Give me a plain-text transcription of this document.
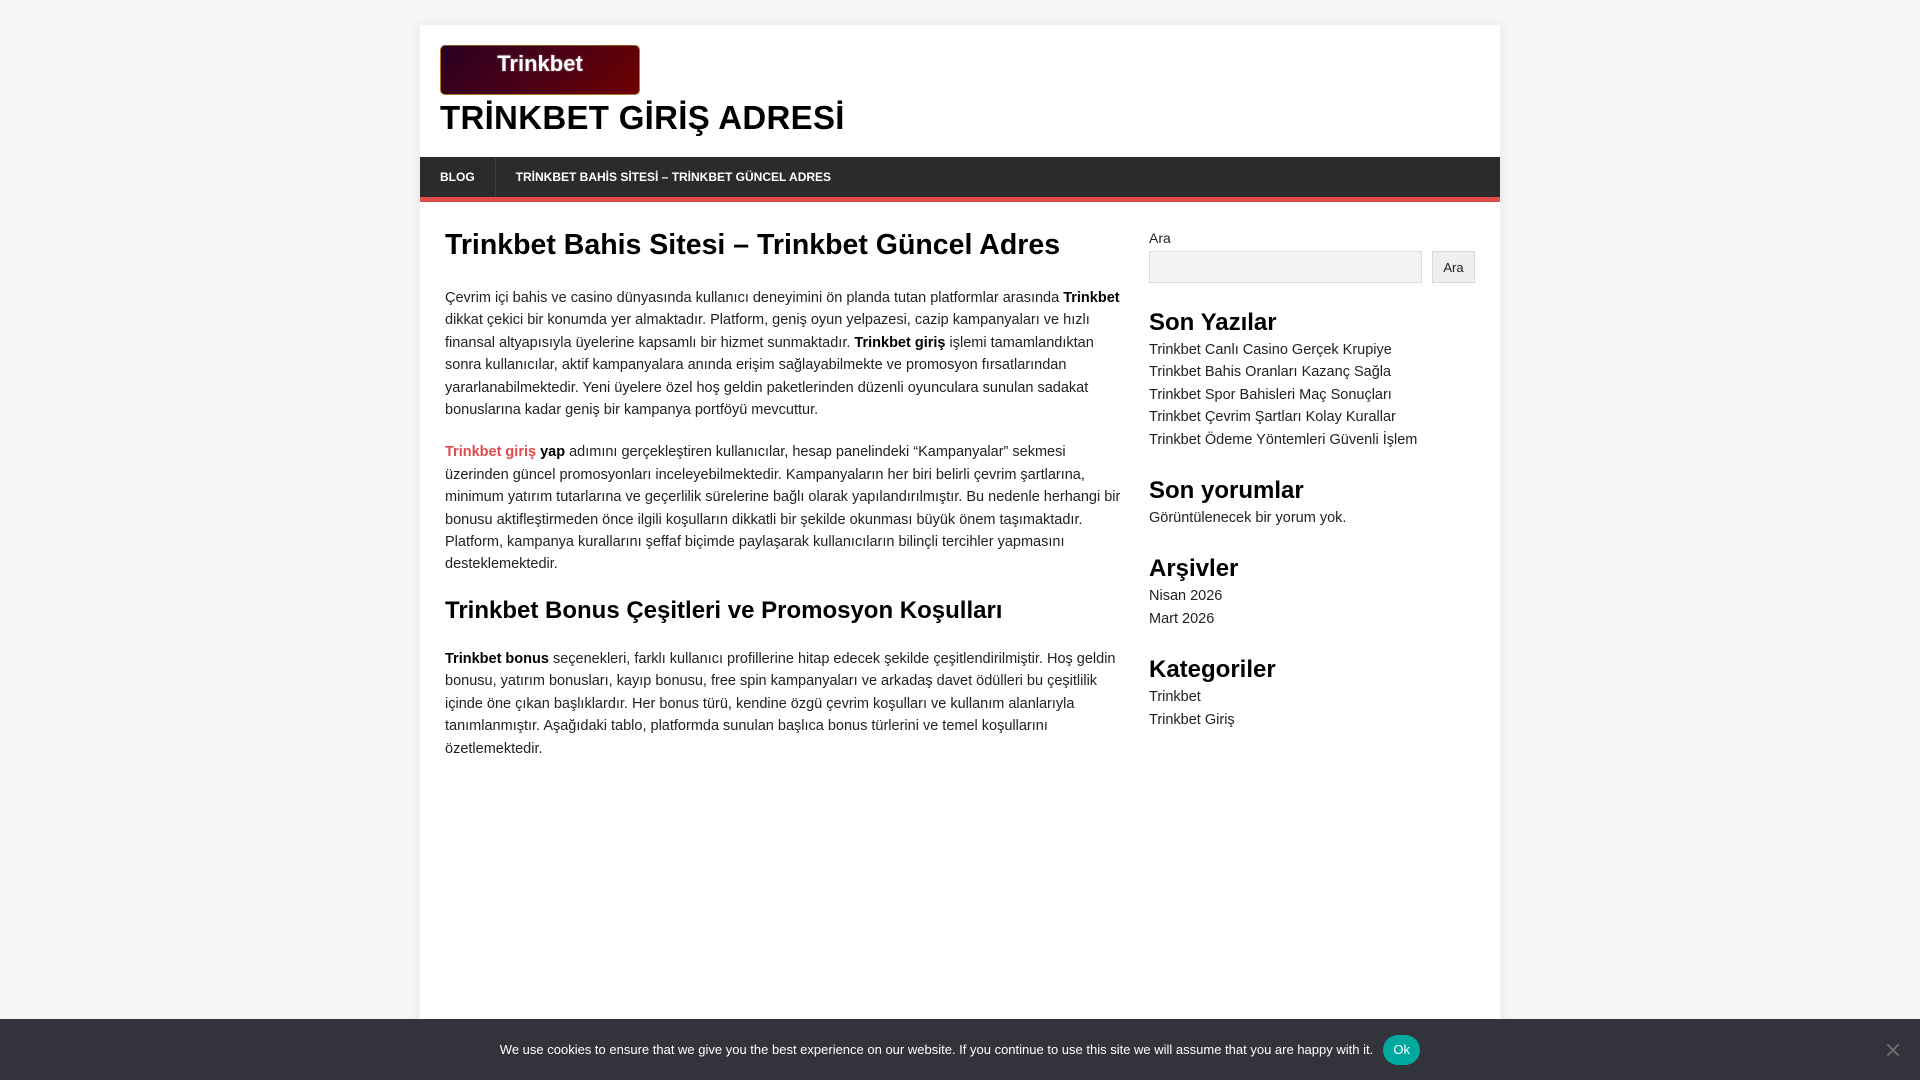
Trinkbet
TRİNKBET GİRİŞ ADRESİ
BLOG	TRİNKBET BAHİS SİTESİ – TRİNKBET GÜNCEL ADRES
Trinkbet Bahis Sitesi – Trinkbet Güncel Adres

Çevrim içi bahis ve casino dünyasında kullanıcı deneyimini ön planda tutan platformlar arasında Trinkbet dikkat çekici bir konumda yer almaktadır. Platform, geniş oyun yelpazesi, cazip kampanyaları ve hızlı finansal altyapısıyla üyelerine kapsamlı bir hizmet sunmaktadır. Trinkbet giriş işlemi tamamlandıktan sonra kullanıcılar, aktif kampanyalara anında erişim sağlayabilmekte ve promosyon fırsatlarından yararlanabilmektedir. Yeni üyelere özel hoş geldin paketlerinden düzenli oyunculara sunulan sadakat bonuslarına kadar geniş bir kampanya portföyü mevcuttur.

Trinkbet giriş yap adımını gerçekleştiren kullanıcılar, hesap panelindeki “Kampanyalar” sekmesi üzerinden güncel promosyonları inceleyebilmektedir. Kampanyaların her biri belirli çevrim şartlarına, minimum yatırım tutarlarına ve geçerlilik sürelerine bağlı olarak yapılandırılmıştır. Bu nedenle herhangi bir bonusu aktifleştirmeden önce ilgili koşulların dikkatli bir şekilde okunması büyük önem taşımaktadır. Platform, kampanya kurallarını şeffaf biçimde paylaşarak kullanıcıların bilinçli tercihler yapmasını desteklemektedir.

Trinkbet Bonus Çeşitleri ve Promosyon Koşulları

Trinkbet bonus seçenekleri, farklı kullanıcı profillerine hitap edecek şekilde çeşitlendirilmiştir. Hoş geldin bonusu, yatırım bonusları, kayıp bonusu, free spin kampanyaları ve arkadaş davet ödülleri bu çeşitlilik içinde öne çıkan başlıklardır. Her bonus türü, kendine özgü çevrim koşulları ve kullanım alanlarıyla tanımlanmıştır. Aşağıdaki tablo, platformda sunulan başlıca bonus türlerini ve temel koşullarını özetlemektedir.

Ara
Ara
Son Yazılar
Trinkbet Canlı Casino Gerçek Krupiye
Trinkbet Bahis Oranları Kazanç Sağla
Trinkbet Spor Bahisleri Maç Sonuçları
Trinkbet Çevrim Şartları Kolay Kurallar
Trinkbet Ödeme Yöntemleri Güvenli İşlem
Son yorumlar

Görüntülenecek bir yorum yok.

Arşivler
Nisan 2026
Mart 2026
Kategoriler
Trinkbet
Trinkbet Giriş
We use cookies to ensure that we give you the best experience on our website. If you continue to use this site we will assume that you are happy with it.	Ok
